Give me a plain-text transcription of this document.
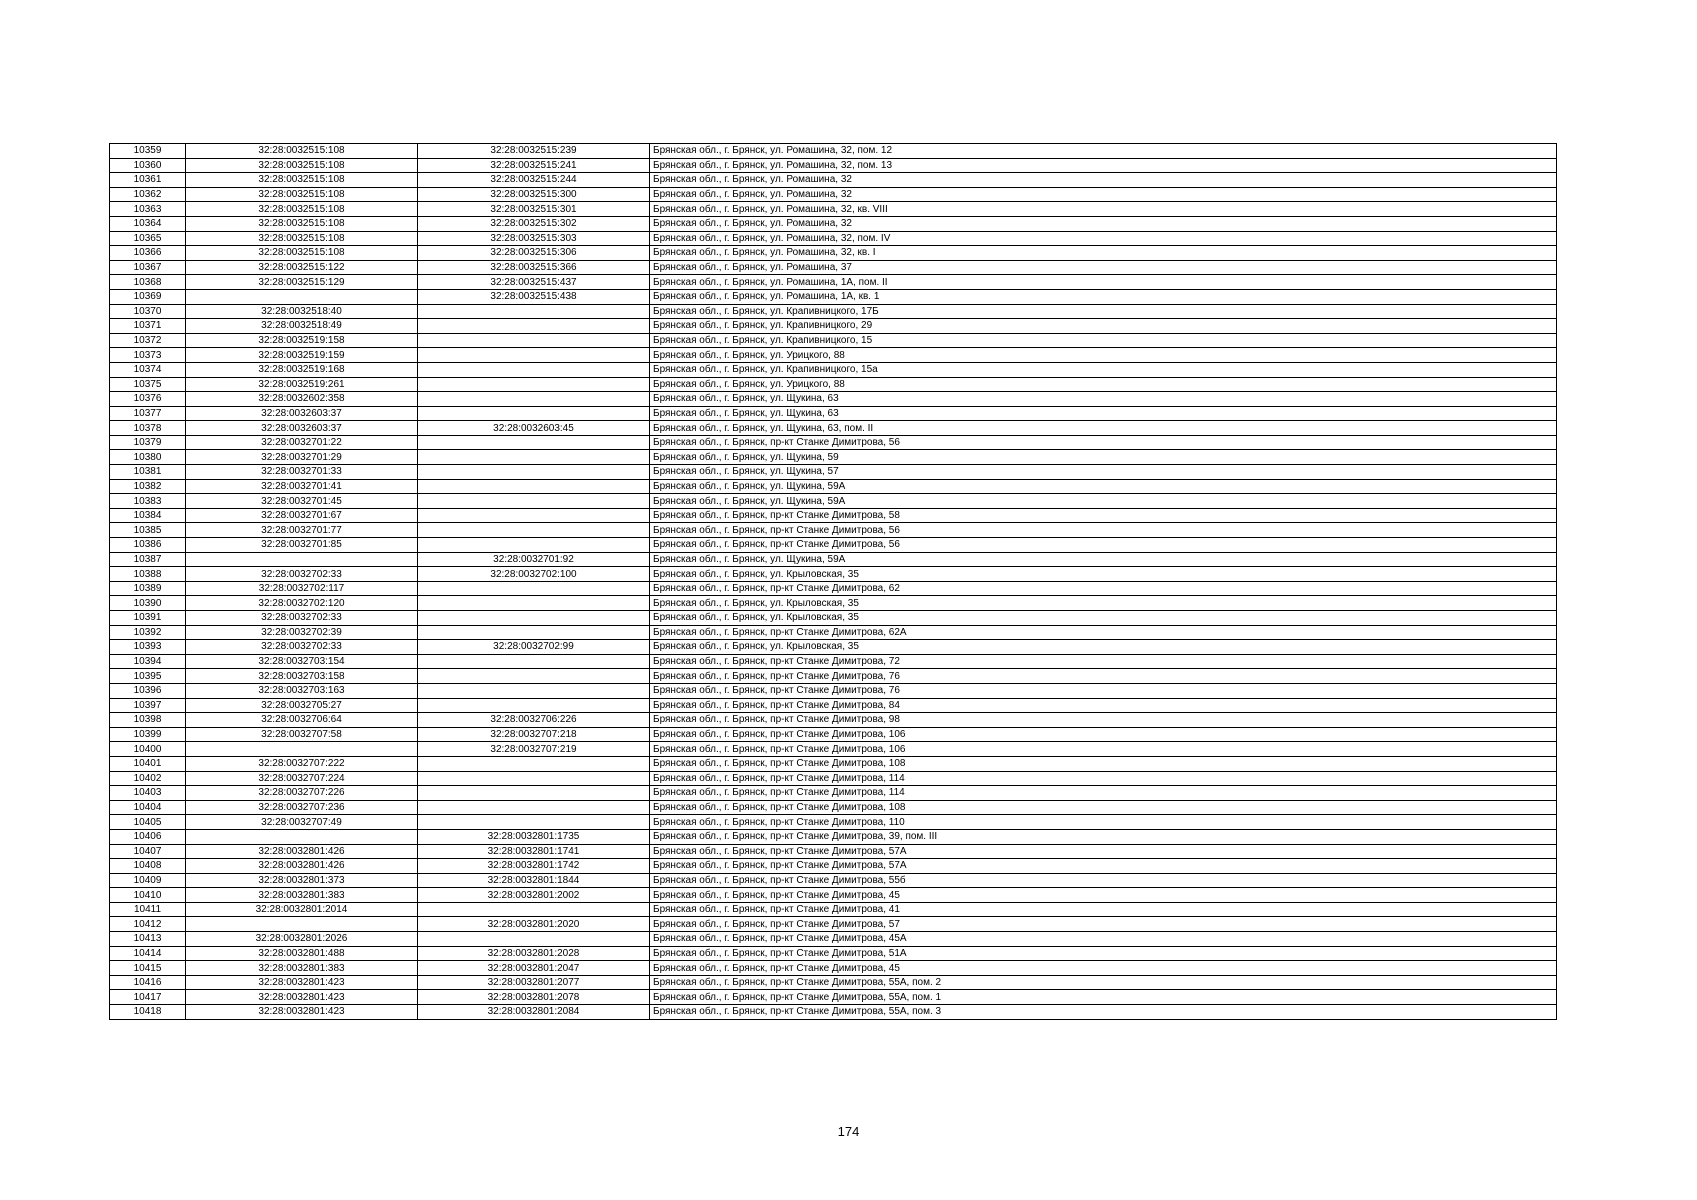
10359	32:28:0032515:108	32:28:0032515:239	Брянская обл., г. Брянск, ул. Ромашина, 32, пом. 12
10360	32:28:0032515:108	32:28:0032515:241	Брянская обл., г. Брянск, ул. Ромашина, 32, пом. 13
10361	32:28:0032515:108	32:28:0032515:244	Брянская обл., г. Брянск, ул. Ромашина, 32
10362	32:28:0032515:108	32:28:0032515:300	Брянская обл., г. Брянск, ул. Ромашина, 32
10363	32:28:0032515:108	32:28:0032515:301	Брянская обл., г. Брянск, ул. Ромашина, 32, кв. VIII
10364	32:28:0032515:108	32:28:0032515:302	Брянская обл., г. Брянск, ул. Ромашина, 32
10365	32:28:0032515:108	32:28:0032515:303	Брянская обл., г. Брянск, ул. Ромашина, 32, пом. IV
10366	32:28:0032515:108	32:28:0032515:306	Брянская обл., г. Брянск, ул. Ромашина, 32, кв. I
10367	32:28:0032515:122	32:28:0032515:366	Брянская обл., г. Брянск, ул. Ромашина, 37
10368	32:28:0032515:129	32:28:0032515:437	Брянская обл., г. Брянск, ул. Ромашина, 1А, пом. II
10369		32:28:0032515:438	Брянская обл., г. Брянск, ул. Ромашина, 1А, кв. 1
10370	32:28:0032518:40		Брянская обл., г. Брянск, ул. Крапивницкого, 17Б
10371	32:28:0032518:49		Брянская обл., г. Брянск, ул. Крапивницкого, 29
10372	32:28:0032519:158		Брянская обл., г. Брянск, ул. Крапивницкого, 15
10373	32:28:0032519:159		Брянская обл., г. Брянск, ул. Урицкого, 88
10374	32:28:0032519:168		Брянская обл., г. Брянск, ул. Крапивницкого, 15а
10375	32:28:0032519:261		Брянская обл., г. Брянск, ул. Урицкого, 88
10376	32:28:0032602:358		Брянская обл., г. Брянск, ул. Щукина, 63
10377	32:28:0032603:37		Брянская обл., г. Брянск, ул. Щукина, 63
10378	32:28:0032603:37	32:28:0032603:45	Брянская обл., г. Брянск, ул. Щукина, 63, пом. II
10379	32:28:0032701:22		Брянская обл., г. Брянск, пр-кт Станке Димитрова, 56
10380	32:28:0032701:29		Брянская обл., г. Брянск, ул. Щукина, 59
10381	32:28:0032701:33		Брянская обл., г. Брянск, ул. Щукина, 57
10382	32:28:0032701:41		Брянская обл., г. Брянск, ул. Щукина, 59А
10383	32:28:0032701:45		Брянская обл., г. Брянск, ул. Щукина, 59А
10384	32:28:0032701:67		Брянская обл., г. Брянск, пр-кт Станке Димитрова, 58
10385	32:28:0032701:77		Брянская обл., г. Брянск, пр-кт Станке Димитрова, 56
10386	32:28:0032701:85		Брянская обл., г. Брянск, пр-кт Станке Димитрова, 56
10387		32:28:0032701:92	Брянская обл., г. Брянск, ул. Щукина, 59А
10388	32:28:0032702:33	32:28:0032702:100	Брянская обл., г. Брянск, ул. Крыловская, 35
10389	32:28:0032702:117		Брянская обл., г. Брянск, пр-кт Станке Димитрова, 62
10390	32:28:0032702:120		Брянская обл., г. Брянск, ул. Крыловская, 35
10391	32:28:0032702:33		Брянская обл., г. Брянск, ул. Крыловская, 35
10392	32:28:0032702:39		Брянская обл., г. Брянск, пр-кт Станке Димитрова, 62А
10393	32:28:0032702:33	32:28:0032702:99	Брянская обл., г. Брянск, ул. Крыловская, 35
10394	32:28:0032703:154		Брянская обл., г. Брянск, пр-кт Станке Димитрова, 72
10395	32:28:0032703:158		Брянская обл., г. Брянск, пр-кт Станке Димитрова, 76
10396	32:28:0032703:163		Брянская обл., г. Брянск, пр-кт Станке Димитрова, 76
10397	32:28:0032705:27		Брянская обл., г. Брянск, пр-кт Станке Димитрова, 84
10398	32:28:0032706:64	32:28:0032706:226	Брянская обл., г. Брянск, пр-кт Станке Димитрова, 98
10399	32:28:0032707:58	32:28:0032707:218	Брянская обл., г. Брянск, пр-кт Станке Димитрова, 106
10400		32:28:0032707:219	Брянская обл., г. Брянск, пр-кт Станке Димитрова, 106
10401	32:28:0032707:222		Брянская обл., г. Брянск, пр-кт Станке Димитрова, 108
10402	32:28:0032707:224		Брянская обл., г. Брянск, пр-кт Станке Димитрова, 114
10403	32:28:0032707:226		Брянская обл., г. Брянск, пр-кт Станке Димитрова, 114
10404	32:28:0032707:236		Брянская обл., г. Брянск, пр-кт Станке Димитрова, 108
10405	32:28:0032707:49		Брянская обл., г. Брянск, пр-кт Станке Димитрова, 110
10406		32:28:0032801:1735	Брянская обл., г. Брянск, пр-кт Станке Димитрова, 39, пом. III
10407	32:28:0032801:426	32:28:0032801:1741	Брянская обл., г. Брянск, пр-кт Станке Димитрова, 57А
10408	32:28:0032801:426	32:28:0032801:1742	Брянская обл., г. Брянск, пр-кт Станке Димитрова, 57А
10409	32:28:0032801:373	32:28:0032801:1844	Брянская обл., г. Брянск, пр-кт Станке Димитрова, 55б
10410	32:28:0032801:383	32:28:0032801:2002	Брянская обл., г. Брянск, пр-кт Станке Димитрова, 45
10411	32:28:0032801:2014		Брянская обл., г. Брянск, пр-кт Станке Димитрова, 41
10412		32:28:0032801:2020	Брянская обл., г. Брянск, пр-кт Станке Димитрова, 57
10413	32:28:0032801:2026		Брянская обл., г. Брянск, пр-кт Станке Димитрова, 45А
10414	32:28:0032801:488	32:28:0032801:2028	Брянская обл., г. Брянск, пр-кт Станке Димитрова, 51А
10415	32:28:0032801:383	32:28:0032801:2047	Брянская обл., г. Брянск, пр-кт Станке Димитрова, 45
10416	32:28:0032801:423	32:28:0032801:2077	Брянская обл., г. Брянск, пр-кт Станке Димитрова, 55А, пом. 2
10417	32:28:0032801:423	32:28:0032801:2078	Брянская обл., г. Брянск, пр-кт Станке Димитрова, 55А, пом. 1
10418	32:28:0032801:423	32:28:0032801:2084	Брянская обл., г. Брянск, пр-кт Станке Димитрова, 55А, пом. 3
174
